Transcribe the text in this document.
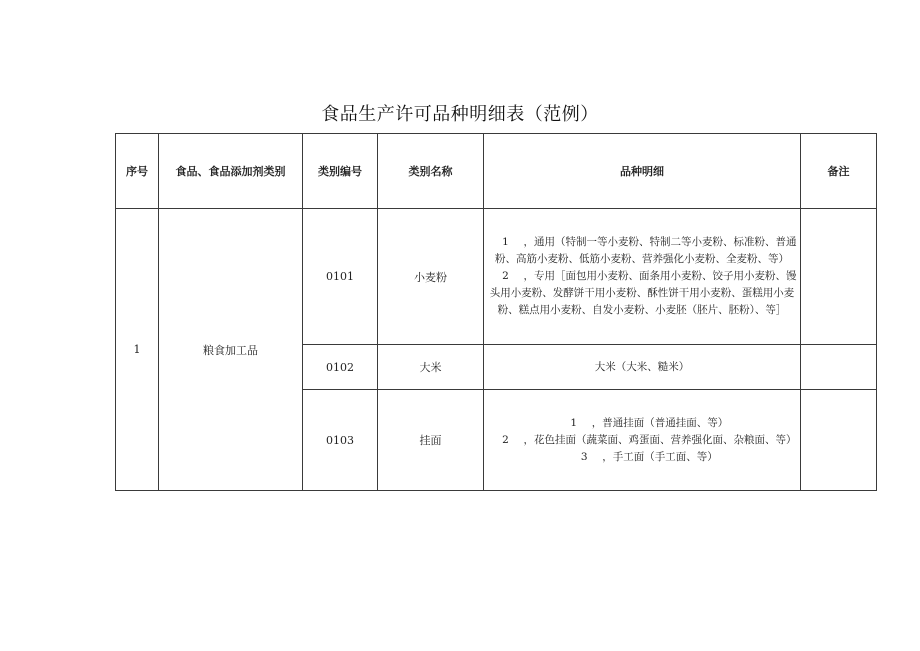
食品生产许可品种明细表（范例）
序号	食品、食品添加剂类别	类别编号	类别名称	品种明细	备注
1	粮食加工品	0101	小麦粉	1 ，通用（特制一等小麦粉、特制二等小麦粉、标准粉、普通粉、高筋小麦粉、低筋小麦粉、营养强化小麦粉、全麦粉、等）
2 ，专用［面包用小麦粉、面条用小麦粉、饺子用小麦粉、馒头用小麦粉、发酵饼干用小麦粉、酥性饼干用小麦粉、蛋糕用小麦粉、糕点用小麦粉、自发小麦粉、小麦胚（胚片、胚粉）、等］	

		0102	大米	大米（大米、糙米）	

		0103	挂面	1 ，普通挂面（普通挂面、等）
2 ，花色挂面（蔬菜面、鸡蛋面、营养强化面、杂粮面、等）
3 ，手工面（手工面、等）	
